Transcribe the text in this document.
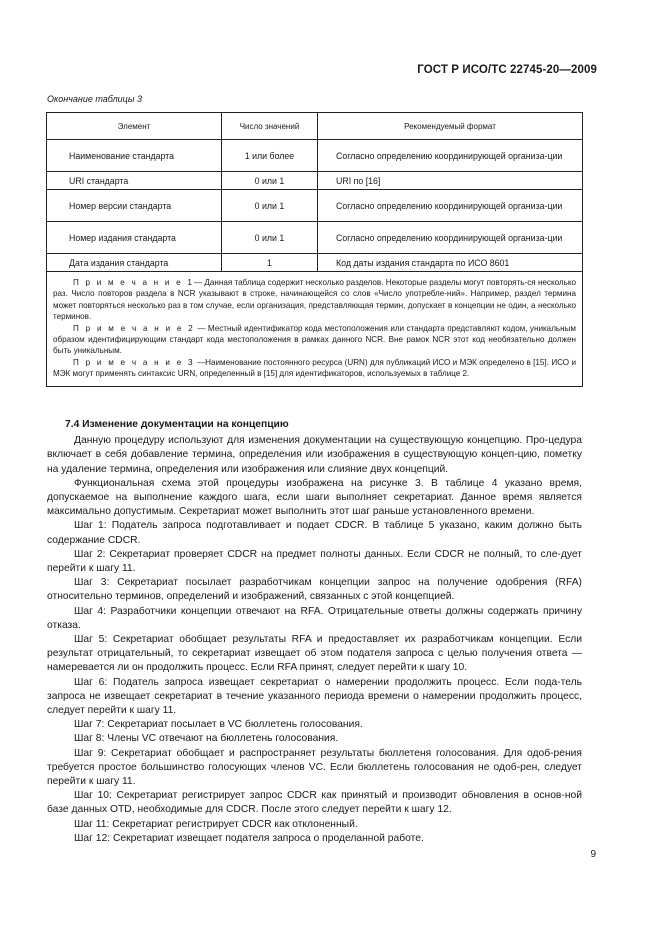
ГОСТ Р ИСО/ТС 22745-20—2009
Окончание таблицы 3
Элемент	Число значений	Рекомендуемый формат
Наименование стандарта	1 или более	Согласно определению координирующей организа-ции
URI стандарта	0 или 1	URI по [16]
Номер версии стандарта	0 или 1	Согласно определению координирующей организа-ции
Номер издания стандарта	0 или 1	Согласно определению координирующей организа-ции
Дата издания стандарта	1	Код даты издания стандарта по ИСО 8601

П р и м е ч а н и е 1— Данная таблица содержит несколько разделов. Некоторые разделы могут повторять-ся несколько раз. Число повторов раздела в NCR указывают в строке, начинающейся со слов «Число употребле-ний». Например, раздел термина может повторяться несколько раз в том случае, если организация, представляющая термин, допускает в концепции не один, а несколько терминов.

П р и м е ч а н и е 2 — Местный идентификатор кода местоположения или стандарта представляют кодом, уникальным образом идентифицирующим стандарт кода местоположения в рамках данного NCR. Вне рамок NCR этот код необязательно должен быть уникальным.

П р и м е ч а н и е 3 —Наименование постоянного ресурса (URN) для публикаций ИСО и МЭК определено в [15]. ИСО и МЭК могут применять синтаксис URN, определенный в [15] для идентификаторов, используемых в таблице 2.		

7.4 Изменение документации на концепцию

Данную процедуру используют для изменения документации на существующую концепцию. Про-цедура включает в себя добавление термина, определения или изображения в существующую концеп-цию, пометку на удаление термина, определения или изображения или слияние двух концепций.

Функциональная схема этой процедуры изображена на рисунке 3. В таблице 4 указано время, допускаемое на выполнение каждого шага, если шаги выполняет секретариат. Данное время является максимально допустимым. Секретариат может выполнить этот шаг раньше установленного времени.

Шаг 1: Податель запроса подготавливает и подает CDCR. В таблице 5 указано, каким должно быть содержание CDCR.

Шаг 2: Секретариат проверяет CDCR на предмет полноты данных. Если CDCR не полный, то сле-дует перейти к шагу 11.

Шаг 3: Секретариат посылает разработчикам концепции запрос на получение одобрения (RFA) относительно терминов, определений и изображений, связанных с этой концепцией.

Шаг 4: Разработчики концепции отвечают на RFA. Отрицательные ответы должны содержать причину отказа.

Шаг 5: Секретариат обобщает результаты RFA и предоставляет их разработчикам концепции. Если результат отрицательный, то секретариат извещает об этом подателя запроса с целью получения ответа — намеревается ли он продолжить процесс. Если RFA принят, следует перейти к шагу 10.

Шаг 6: Податель запроса извещает секретариат о намерении продолжить процесс. Если пода-тель запроса не извещает секретариат в течение указанного периода времени о намерении продолжить процесс, следует перейти к шагу 11.

Шаг 7: Секретариат посылает в VC бюллетень голосования.

Шаг 8: Члены VC отвечают на бюллетень голосования.

Шаг 9: Секретариат обобщает и распространяет результаты бюллетеня голосования. Для одоб-рения требуется простое большинство голосующих членов VC. Если бюллетень голосования не одоб-рен, следует перейти к шагу 11.

Шаг 10: Секретариат регистрирует запрос CDCR как принятый и производит обновления в основ-ной базе данных OTD, необходимые для CDCR. После этого следует перейти к шагу 12.

Шаг 11: Секретариат регистрирует CDCR как отклоненный.

Шаг 12: Секретариат извещает подателя запроса о проделанной работе.

9
